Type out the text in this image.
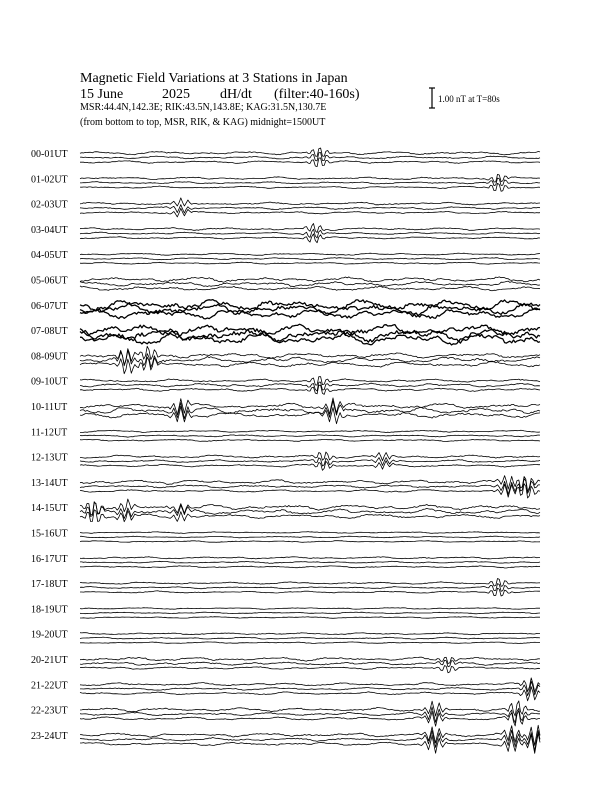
Magnetic Field Variations at 3 Stations in Japan
15 June	2025 dH/dt (filter:40-160s)
MSR:44.4N,142.3E; RIK:43.5N,143.8E; KAG:31.5N,130.7E
(from bottom to top, MSR, RIK, & KAG) midnight=1500UT
1.00 nT at T=80s
00-01UT
01-02UT
02-03UT
03-04UT
04-05UT
05-06UT
06-07UT
07-08UT
08-09UT
09-10UT
10-11UT
11-12UT
12-13UT
13-14UT
14-15UT
15-16UT
16-17UT
17-18UT
18-19UT
19-20UT
20-21UT
21-22UT
22-23UT
23-24UT
